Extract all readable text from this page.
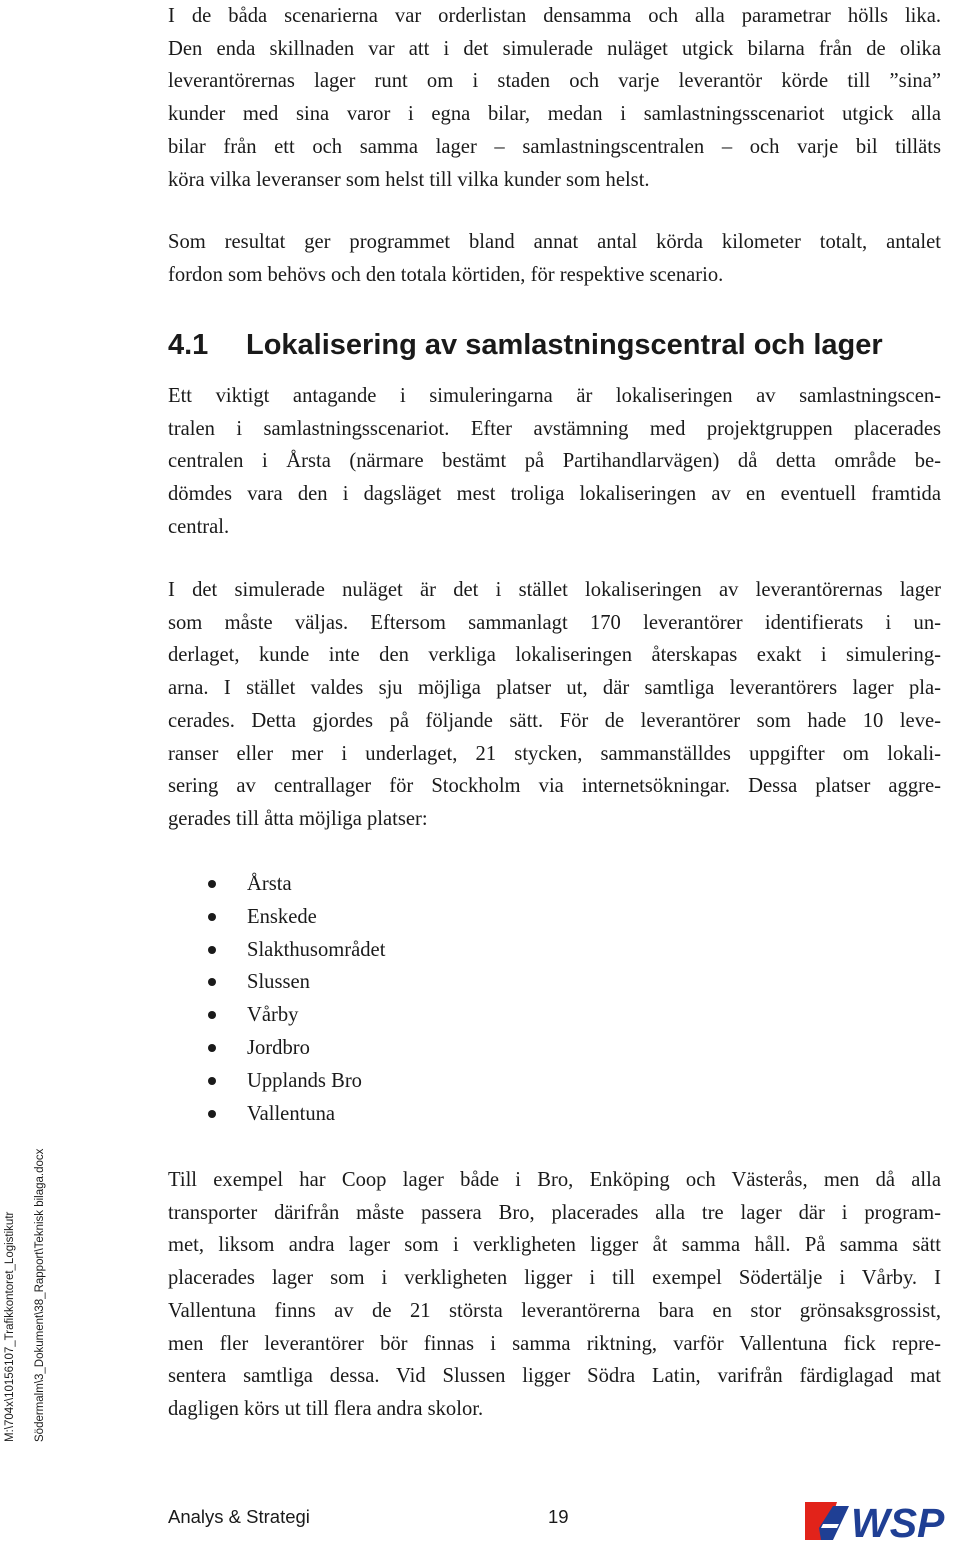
I de båda scenarierna var orderlistan densamma och alla parametrar hölls lika.
Den enda skillnaden var att i det simulerade nuläget utgick bilarna från de olika
leverantörernas lager runt om i staden och varje leverantör körde till ”sina”
kunder med sina varor i egna bilar, medan i samlastningsscenariot utgick alla
bilar från ett och samma lager – samlastningscentralen – och varje bil tilläts
köra vilka leveranser som helst till vilka kunder som helst.
Som resultat ger programmet bland annat antal körda kilometer totalt, antalet
fordon som behövs och den totala körtiden, för respektive scenario.
4.1 Lokalisering av samlastningscentral och lager
Ett viktigt antagande i simuleringarna är lokaliseringen av samlastningscen-
tralen i samlastningsscenariot. Efter avstämning med projektgruppen placerades
centralen i Årsta (närmare bestämt på Partihandlarvägen) då detta område be-
dömdes vara den i dagsläget mest troliga lokaliseringen av en eventuell framtida
central.
I det simulerade nuläget är det i stället lokaliseringen av leverantörernas lager
som måste väljas. Eftersom sammanlagt 170 leverantörer identifierats i un-
derlaget, kunde inte den verkliga lokaliseringen återskapas exakt i simulering-
arna. I stället valdes sju möjliga platser ut, där samtliga leverantörers lager pla-
cerades. Detta gjordes på följande sätt. För de leverantörer som hade 10 leve-
ranser eller mer i underlaget, 21 stycken, sammanställdes uppgifter om lokali-
sering av centrallager för Stockholm via internetsökningar. Dessa platser aggre-
gerades till åtta möjliga platser:
Årsta
Enskede
Slakthusområdet
Slussen
Vårby
Jordbro
Upplands Bro
Vallentuna
Till exempel har Coop lager både i Bro, Enköping och Västerås, men då alla
transporter därifrån måste passera Bro, placerades alla tre lager där i program-
met, liksom andra lager som i verkligheten ligger åt samma håll. På samma sätt
placerades lager som i verkligheten ligger i till exempel Södertälje i Vårby. I
Vallentuna finns av de 21 största leverantörerna bara en stor grönsaksgrossist,
men fler leverantörer bör finnas i samma riktning, varför Vallentuna fick repre-
sentera samtliga dessa. Vid Slussen ligger Södra Latin, varifrån färdiglagad mat
dagligen körs ut till flera andra skolor.
M:\704x\10156107_Trafikkontoret_Logistikutr Södermalm\3_Dokument\38_Rapport\Teknisk bilaga.docx
Analys & Strategi	19	WSP
